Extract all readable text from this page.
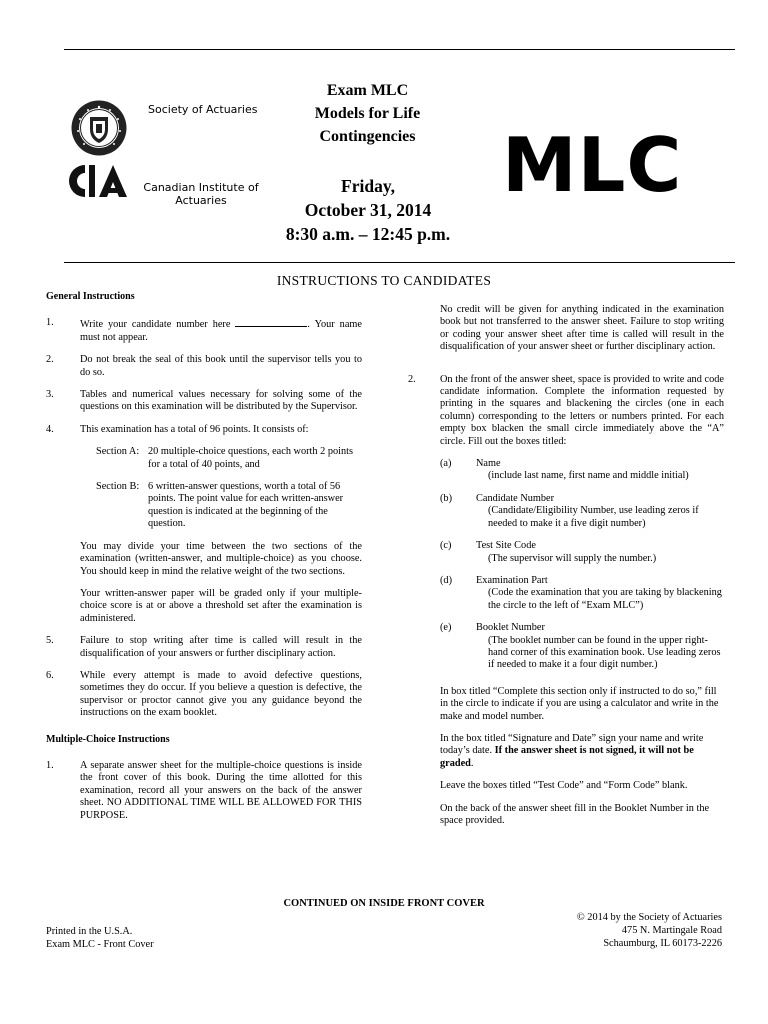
Society of Actuaries
Canadian Institute of
Actuaries
Exam MLC
Models for Life
Contingencies
Friday,
October 31, 2014
8:30 a.m. – 12:45 p.m.
MLC
INSTRUCTIONS TO CANDIDATES
General Instructions
1.	Write your candidate number here	. Your name must not appear.
2.	Do not break the seal of this book until the supervisor tells you to do so.
3.	Tables and numerical values necessary for solving some of the questions on this examination will be distributed by the Supervisor.
4.	This examination has a total of 96 points. It consists of:
Section A: 20 multiple-choice questions, each worth 2 points for a total of 40 points, and
Section B: 6 written-answer questions, worth a total of 56 points. The point value for each written-answer question is indicated at the beginning of the question.
You may divide your time between the two sections of the examination (written-answer, and multiple-choice) as you choose. You should keep in mind the relative weight of the two sections.
Your written-answer paper will be graded only if your multiple-choice score is at or above a threshold set after the examination is administered.
5.	Failure to stop writing after time is called will result in the disqualification of your answers or further disciplinary action.
6.	While every attempt is made to avoid defective questions, sometimes they do occur. If you believe a question is defective, the supervisor or proctor cannot give you any guidance beyond the instructions on the exam booklet.
Multiple-Choice Instructions
1.	A separate answer sheet for the multiple-choice questions is inside the front cover of this book. During the time allotted for this examination, record all your answers on the back of the answer sheet. NO ADDITIONAL TIME WILL BE ALLOWED FOR THIS PURPOSE.
No credit will be given for anything indicated in the examination book but not transferred to the answer sheet. Failure to stop writing or coding your answer sheet after time is called will result in the disqualification of your answer sheet or further disciplinary action.
2. On the front of the answer sheet, space is provided to write and code candidate information. Complete the information requested by printing in the squares and blackening the circles (one in each column) corresponding to the letters or numbers printed. For each empty box blacken the small circle immediately above the “A” circle. Fill out the boxes titled:
(a) Name
(include last name, first name and middle initial)
(b) Candidate Number
(Candidate/Eligibility Number, use leading zeros if needed to make it a five digit number)
(c) Test Site Code
(The supervisor will supply the number.)
(d) Examination Part
(Code the examination that you are taking by blackening the circle to the left of “Exam MLC”)
(e) Booklet Number
(The booklet number can be found in the upper right-hand corner of this examination book. Use leading zeros if needed to make it a four digit number.)
In box titled “Complete this section only if instructed to do so,” fill in the circle to indicate if you are using a calculator and write in the make and model number.
In the box titled “Signature and Date” sign your name and write today’s date. If the answer sheet is not signed, it will not be graded.
Leave the boxes titled “Test Code” and “Form Code” blank.
On the back of the answer sheet fill in the Booklet Number in the space provided.
CONTINUED ON INSIDE FRONT COVER
Printed in the U.S.A.
Exam MLC - Front Cover
© 2014 by the Society of Actuaries
475 N. Martingale Road
Schaumburg, IL 60173-2226
